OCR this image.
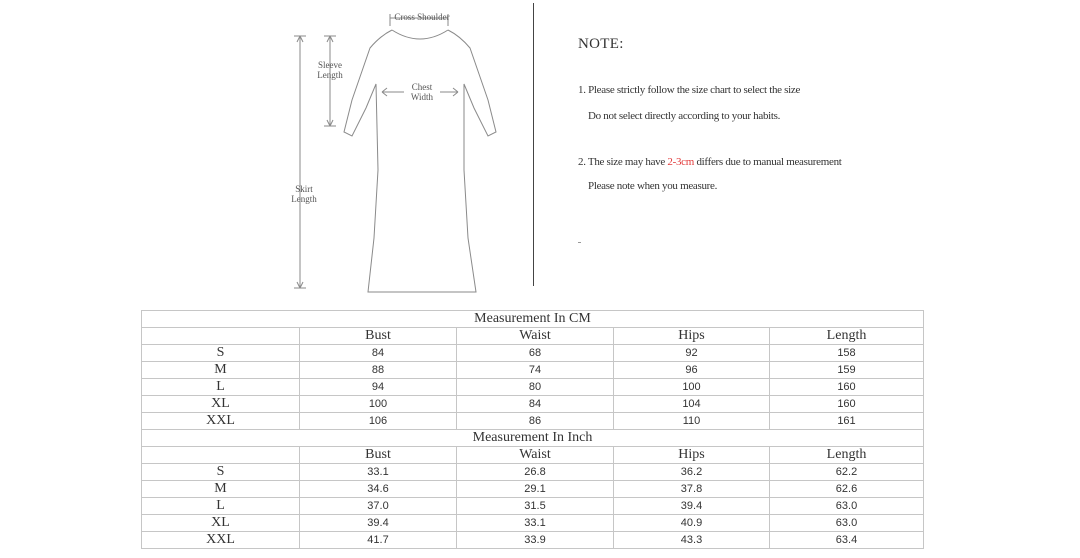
Cross Shoulder
Sleeve
Length
Chest
Width
Skirt
Length
NOTE:
1. Please strictly follow the size chart to select the size
Do not select directly according to your habits.
2. The size may have 2-3cm differs due to manual measurement
Please note when you measure.
Measurement In CM				
	Bust	Waist	Hips	Length
S	84	68	92	158
M	88	74	96	159
L	94	80	100	160
XL	100	84	104	160
XXL	106	86	110	161
Measurement In Inch				
	Bust	Waist	Hips	Length
S	33.1	26.8	36.2	62.2
M	34.6	29.1	37.8	62.6
L	37.0	31.5	39.4	63.0
XL	39.4	33.1	40.9	63.0
XXL	41.7	33.9	43.3	63.4
